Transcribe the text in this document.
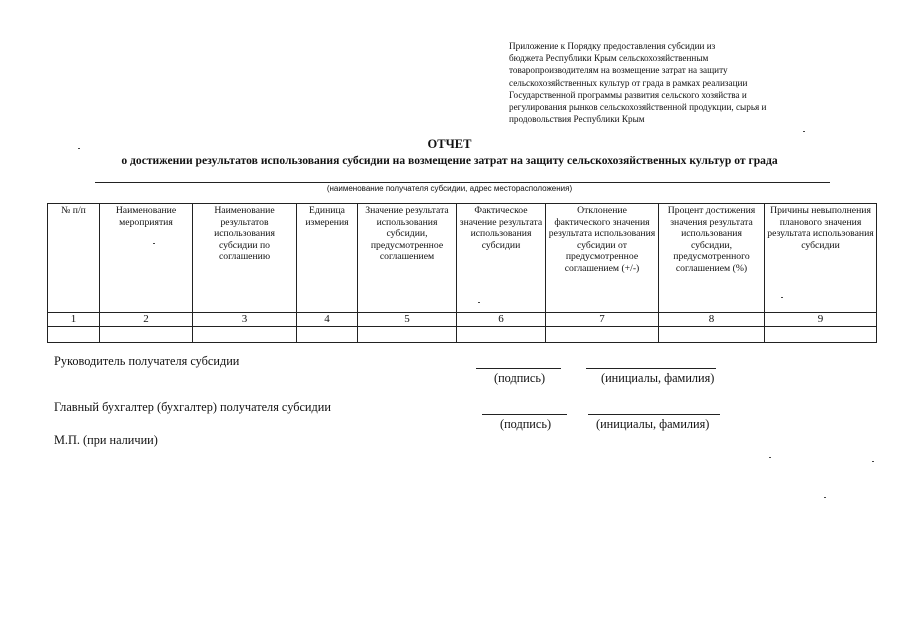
Приложение к Порядку предоставления субсидии из
бюджета Республики Крым сельскохозяйственным
товаропроизводителям на возмещение затрат на защиту
сельскохозяйственных культур от града в рамках реализации
Государственной программы развития сельского хозяйства и
регулирования рынков сельскохозяйственной продукции, сырья и
продовольствия Республики Крым
ОТЧЕТ
о достижении результатов использования субсидии на возмещение затрат на защиту сельскохозяйственных культур от града
(наименование получателя субсидии, адрес месторасположения)
№ п/п	Наименование мероприятия	Наименование результатов использования субсидии по соглашению	Единица измерения	Значение результата использования субсидии, предусмотренное соглашением	Фактическое значение результата использования субсидии	Отклонение фактического значения результата использования субсидии от предусмотренное соглашением (+/-)	Процент достижения значения результата использования субсидии, предусмотренного соглашением (%)	Причины невыполнения планового значения результата использования субсидии
1	2	3	4	5	6	7	8	9

Руководитель получателя субсидии
(подпись)	(инициалы, фамилия)
Главный бухгалтер (бухгалтер) получателя субсидии
(подпись)	(инициалы, фамилия)
М.П. (при наличии)
